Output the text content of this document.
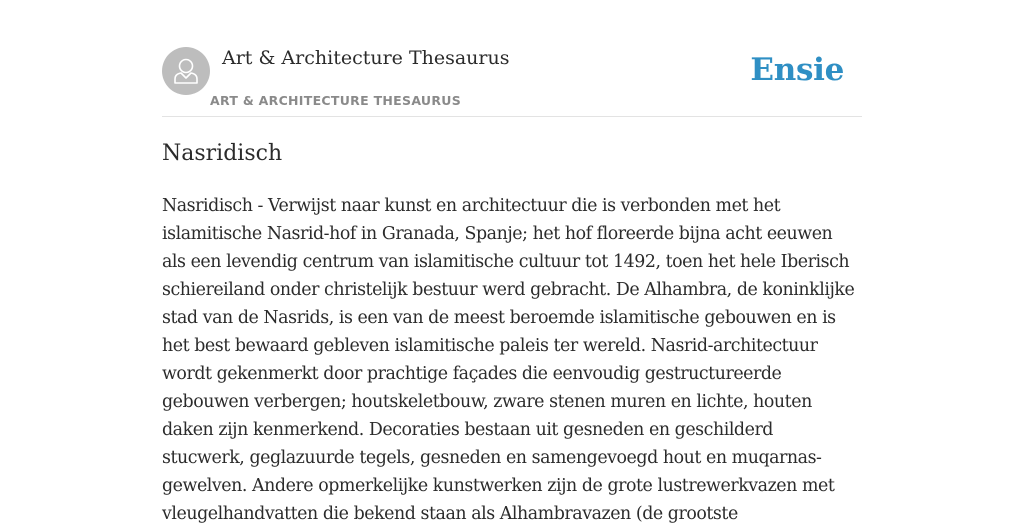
Art & Architecture Thesaurus
ART & ARCHITECTURE THESAURUS
Ensie
Nasridisch
Nasridisch - Verwijst naar kunst en architectuur die is verbonden met het
islamitische Nasrid-hof in Granada, Spanje; het hof floreerde bijna acht eeuwen
als een levendig centrum van islamitische cultuur tot 1492, toen het hele Iberisch
schiereiland onder christelijk bestuur werd gebracht. De Alhambra, de koninklijke
stad van de Nasrids, is een van de meest beroemde islamitische gebouwen en is
het best bewaard gebleven islamitische paleis ter wereld. Nasrid-architectuur
wordt gekenmerkt door prachtige façades die eenvoudig gestructureerde
gebouwen verbergen; houtskeletbouw, zware stenen muren en lichte, houten
daken zijn kenmerkend. Decoraties bestaan uit gesneden en geschilderd
stucwerk, geglazuurde tegels, gesneden en samengevoegd hout en muqarnas-
gewelven. Andere opmerkelijke kunstwerken zijn de grote lustrewerkvazen met
vleugelhandvatten die bekend staan als Alhambravazen (de grootste
